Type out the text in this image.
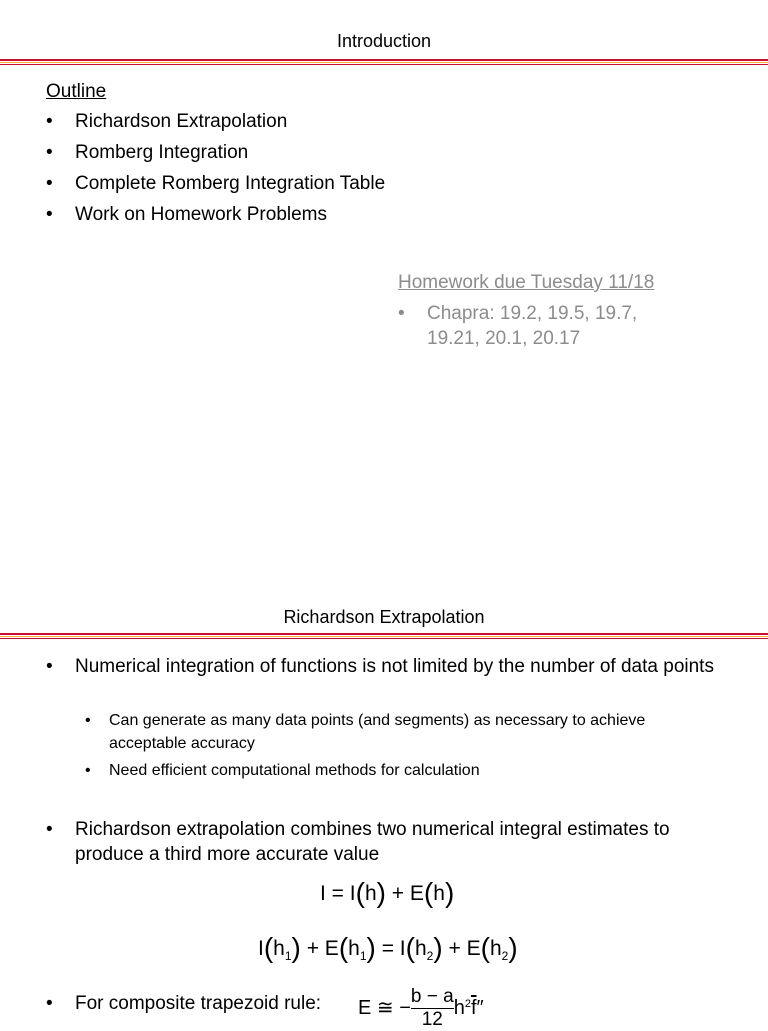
Introduction
Outline
• Richardson Extrapolation
• Romberg Integration
• Complete Romberg Integration Table
• Work on Homework Problems
Homework due Tuesday 11/18
• Chapra: 19.2, 19.5, 19.7, 19.21, 20.1, 20.17
Richardson Extrapolation
• Numerical integration of functions is not limited by the number of data points
• Can generate as many data points (and segments) as necessary to achieve acceptable accuracy
• Need efficient computational methods for calculation
• Richardson extrapolation combines two numerical integral estimates to produce a third more accurate value
I = I(h) + E(h)
$I(h_1) + E(h_1) = I(h_2) + E(h_2)$
• For composite trapezoid rule:	E ≅ − $\frac{b - a}{12} h^2\overline{f}''$
